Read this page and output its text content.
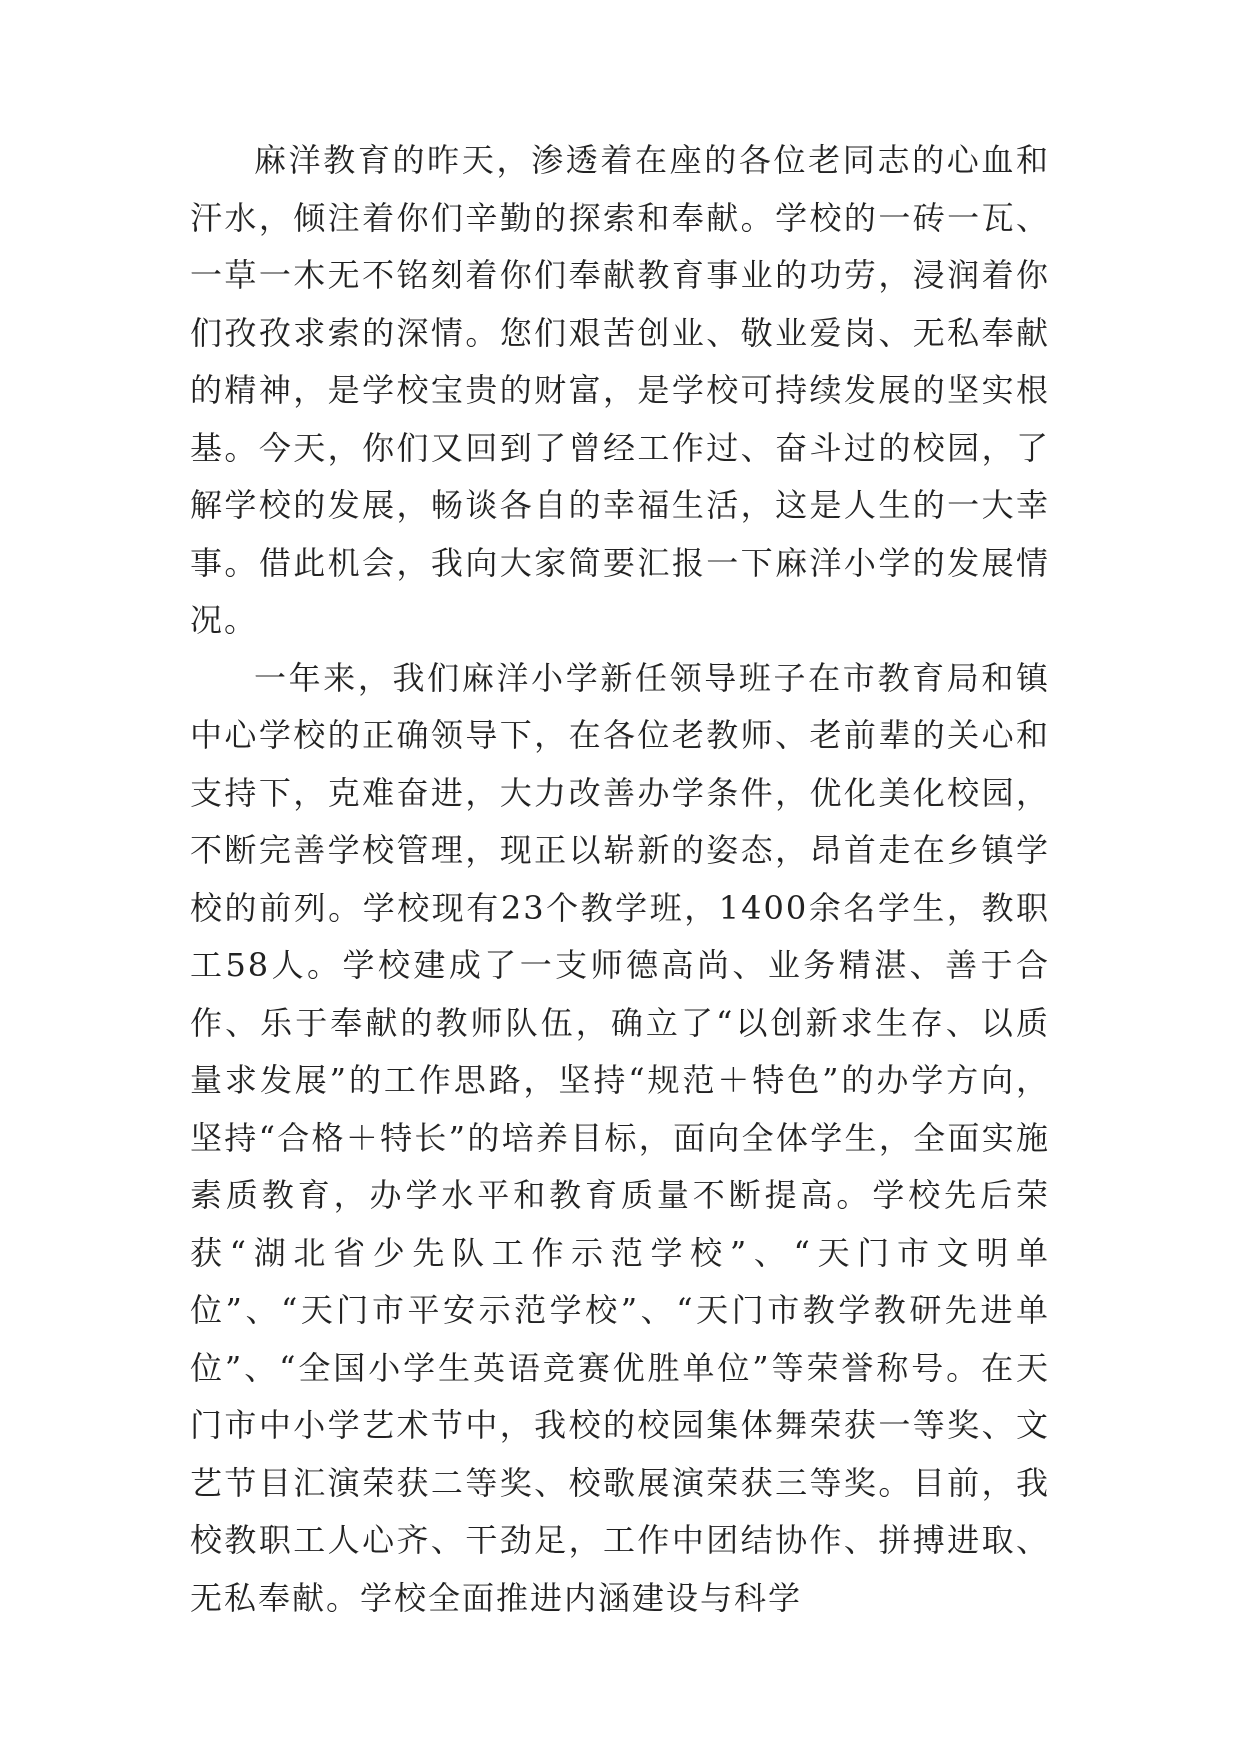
麻洋教育的昨天，渗透着在座的各位老同志的心血和汗水，倾注着你们辛勤的探索和奉献。学校的一砖一瓦、一草一木无不铭刻着你们奉献教育事业的功劳，浸润着你们孜孜求索的深情。您们艰苦创业、敬业爱岗、无私奉献的精神，是学校宝贵的财富，是学校可持续发展的坚实根基。今天，你们又回到了曾经工作过、奋斗过的校园，了解学校的发展，畅谈各自的幸福生活，这是人生的一大幸事。借此机会，我向大家简要汇报一下麻洋小学的发展情况。

一年来，我们麻洋小学新任领导班子在市教育局和镇中心学校的正确领导下，在各位老教师、老前辈的关心和支持下，克难奋进，大力改善办学条件，优化美化校园，不断完善学校管理，现正以崭新的姿态，昂首走在乡镇学校的前列。学校现有23个教学班，1400余名学生，教职工58人。学校建成了一支师德高尚、业务精湛、善于合作、乐于奉献的教师队伍，确立了“以创新求生存、以质量求发展”的工作思路，坚持“规范＋特色”的办学方向，坚持“合格＋特长”的培养目标，面向全体学生，全面实施素质教育，办学水平和教育质量不断提高。学校先后荣获“湖北省少先队工作示范学校”、“天门市文明单位”、“天门市平安示范学校”、“天门市教学教研先进单位”、“全国小学生英语竞赛优胜单位”等荣誉称号。在天门市中小学艺术节中，我校的校园集体舞荣获一等奖、文艺节目汇演荣获二等奖、校歌展演荣获三等奖。目前，我校教职工人心齐、干劲足，工作中团结协作、拼搏进取、无私奉献。学校全面推进内涵建设与科学
